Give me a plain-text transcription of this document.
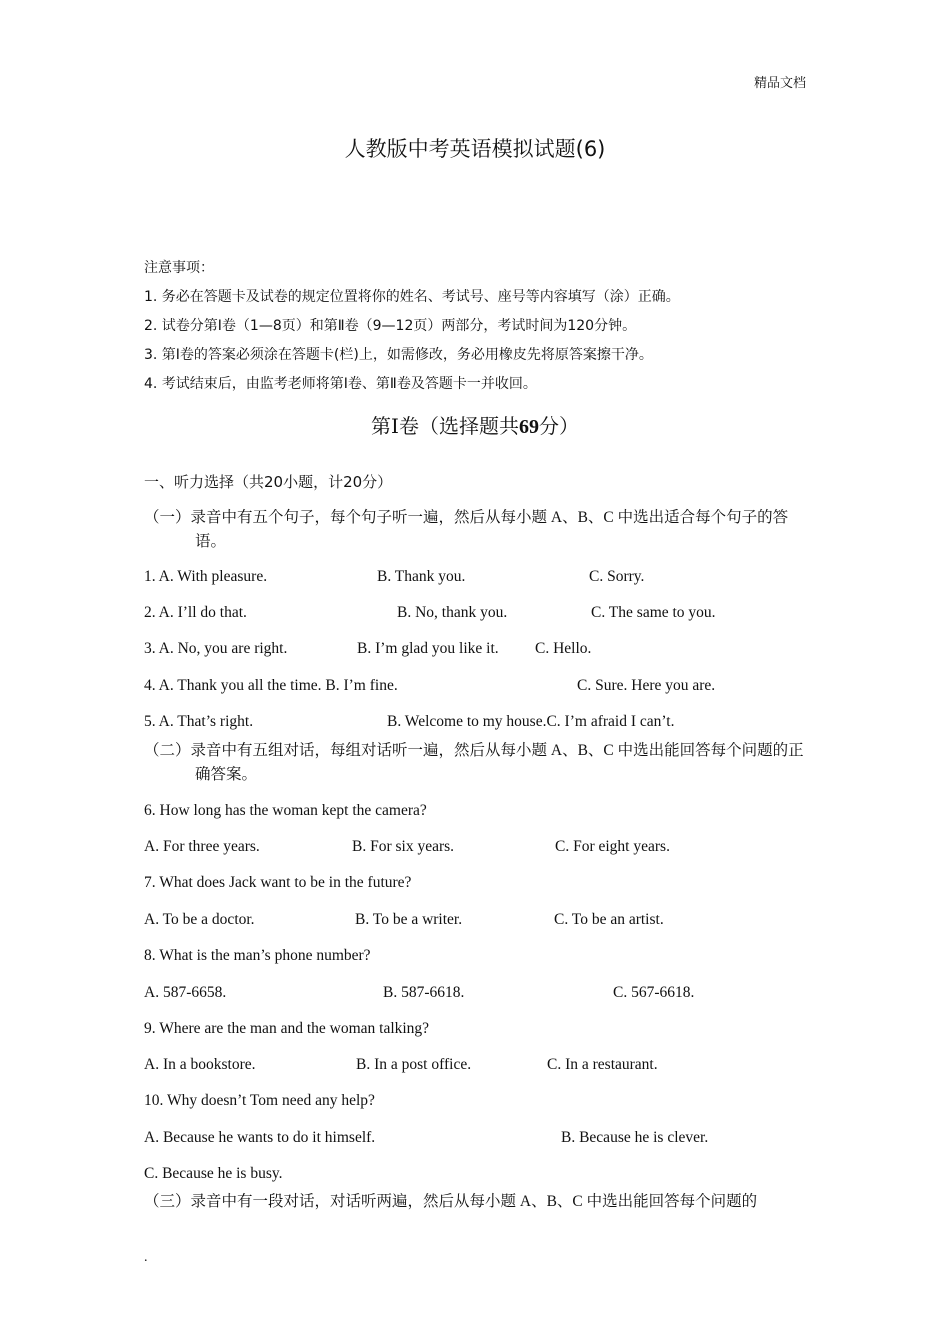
精品文档
人教版中考英语模拟试题(6)
注意事项：
1. 务必在答题卡及试卷的规定位置将你的姓名、考试号、座号等内容填写（涂）正确。
2. 试卷分第Ⅰ卷（1—8页）和第Ⅱ卷（9—12页）两部分，考试时间为120分钟。
3. 第Ⅰ卷的答案必须涂在答题卡(栏)上，如需修改，务必用橡皮先将原答案擦干净。
4. 考试结束后，由监考老师将第Ⅰ卷、第Ⅱ卷及答题卡一并收回。
第Ⅰ卷（选择题共69分）
一、听力选择（共20小题，计20分）
（一）录音中有五个句子，每个句子听一遍，然后从每小题 A、B、C 中选出适合每个句子的答语。
1. A. With pleasure.	B. Thank you.	C. Sorry.
2. A. I’ll do that.	B. No, thank you.	C. The same to you.
3. A. No, you are right.	B. I’m glad you like it. C. Hello.
4. A. Thank you all the time. B. I’m fine.	C. Sure. Here you are.
5. A. That’s right.	B. Welcome to my house.C. I’m afraid I can’t.
（二）录音中有五组对话，每组对话听一遍，然后从每小题 A、B、C 中选出能回答每个问题的正确答案。
6. How long has the woman kept the camera?
A. For three years.	B. For six years.	C. For eight years.
7. What does Jack want to be in the future?
A. To be a doctor.	B. To be a writer.	C. To be an artist.
8. What is the man’s phone number?
A. 587-6658.	B. 587-6618.	C. 567-6618.
9. Where are the man and the woman talking?
A. In a bookstore.	B. In a post office.	C. In a restaurant.
10. Why doesn’t Tom need any help?
A. Because he wants to do it himself.	B. Because he is clever.
C. Because he is busy.
（三）录音中有一段对话，对话听两遍，然后从每小题 A、B、C 中选出能回答每个问题的
.
